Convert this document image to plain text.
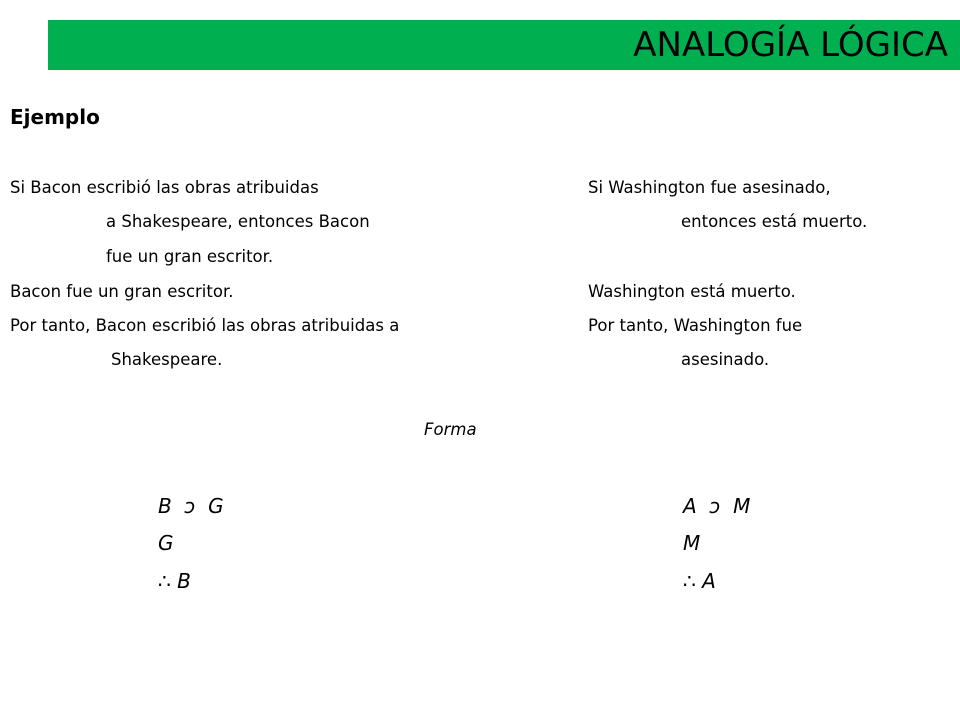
ANALOGÍA LÓGICA
Ejemplo
Si Bacon escribió las obras atribuidas
a Shakespeare, entonces Bacon
fue un gran escritor.
Bacon fue un gran escritor.
Por tanto, Bacon escribió las obras atribuidas a
Shakespeare.
Si Washington fue asesinado,
entonces está muerto.
Washington está muerto.
Por tanto, Washington fue
asesinado.
Forma
B  ɔ  G
G
∴ B
A  ɔ  M
M
∴ A
